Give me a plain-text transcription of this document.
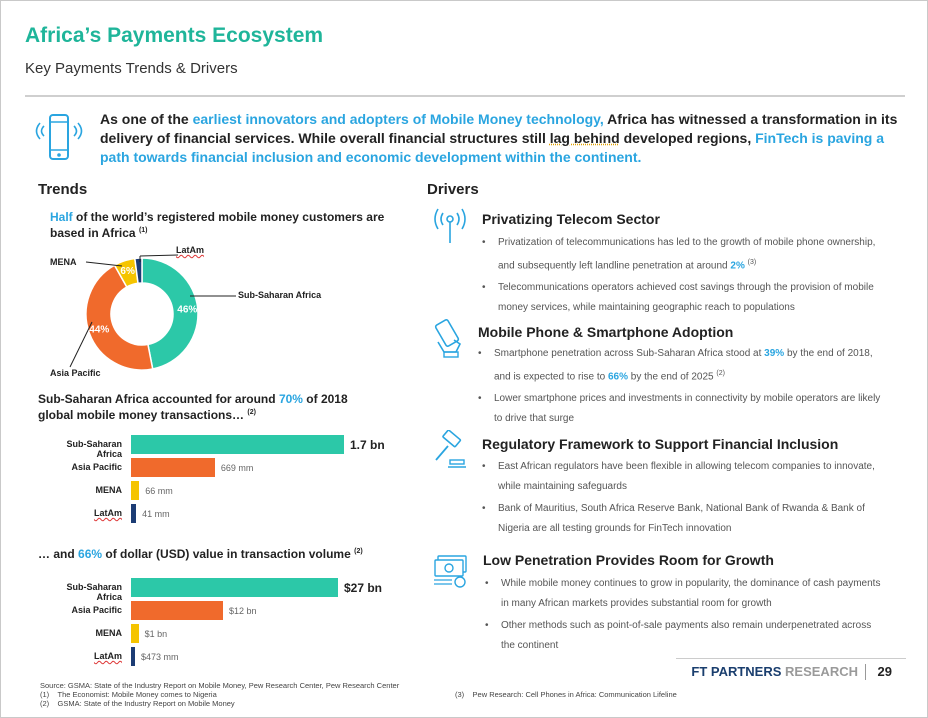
Africa’s Payments Ecosystem
Key Payments Trends & Drivers
As one of the earliest innovators and adopters of Mobile Money technology, Africa has witnessed a transformation in its delivery of financial services. While overall financial structures still lag behind developed regions, FinTech is paving a path towards financial inclusion and economic development within the continent.
Trends
Half of the world’s registered mobile money customers are based in Africa $^{(1)}$
46%
44%
6%
MENA
LatAm
Sub-Saharan Africa
Asia Pacific
Sub-Saharan Africa accounted for around 70% of 2018 global mobile money transactions… $^{(2)}$
Sub-Saharan Africa
1.7 bn
Asia Pacific	669 mm
MENA	66 mm
LatAm 41 mm
… and 66% of dollar (USD) value in transaction volume $^{(2)}$
Sub-Saharan Africa
$27 bn
Asia Pacific	$12 bn
MENA	$1 bn
LatAm $473 mm
Drivers
Privatizing Telecom Sector
• Privatization of telecommunications has led to the growth of mobile phone ownership, and subsequently left landline penetration at around 2% $^{(3)}$
• Telecommunications operators achieved cost savings through the provision of mobile money services, while maintaining geographic reach to populations
Mobile Phone & Smartphone Adoption
• Smartphone penetration across Sub-Saharan Africa stood at 39% by the end of 2018, and is expected to rise to 66% by the end of 2025 $^{(2)}$
• Lower smartphone prices and investments in connectivity by mobile operators are likely to drive that surge
Regulatory Framework to Support Financial Inclusion
• East African regulators have been flexible in allowing telecom companies to innovate, while maintaining safeguards
• Bank of Mauritius, South Africa Reserve Bank, National Bank of Rwanda & Bank of Nigeria are all testing grounds for FinTech innovation
Low Penetration Provides Room for Growth
• While mobile money continues to grow in popularity, the dominance of cash payments in many African markets provides substantial room for growth
• Other methods such as point-of-sale payments also remain underpenetrated across the continent
FT PARTNERS RESEARCH 29
Source: GSMA: State of the Industry Report on Mobile Money, Pew Research Center, Pew Research Center
(1) The Economist: Mobile Money comes to Nigeria
(2) GSMA: State of the Industry Report on Mobile Money
(3) Pew Research: Cell Phones in Africa: Communication Lifeline
